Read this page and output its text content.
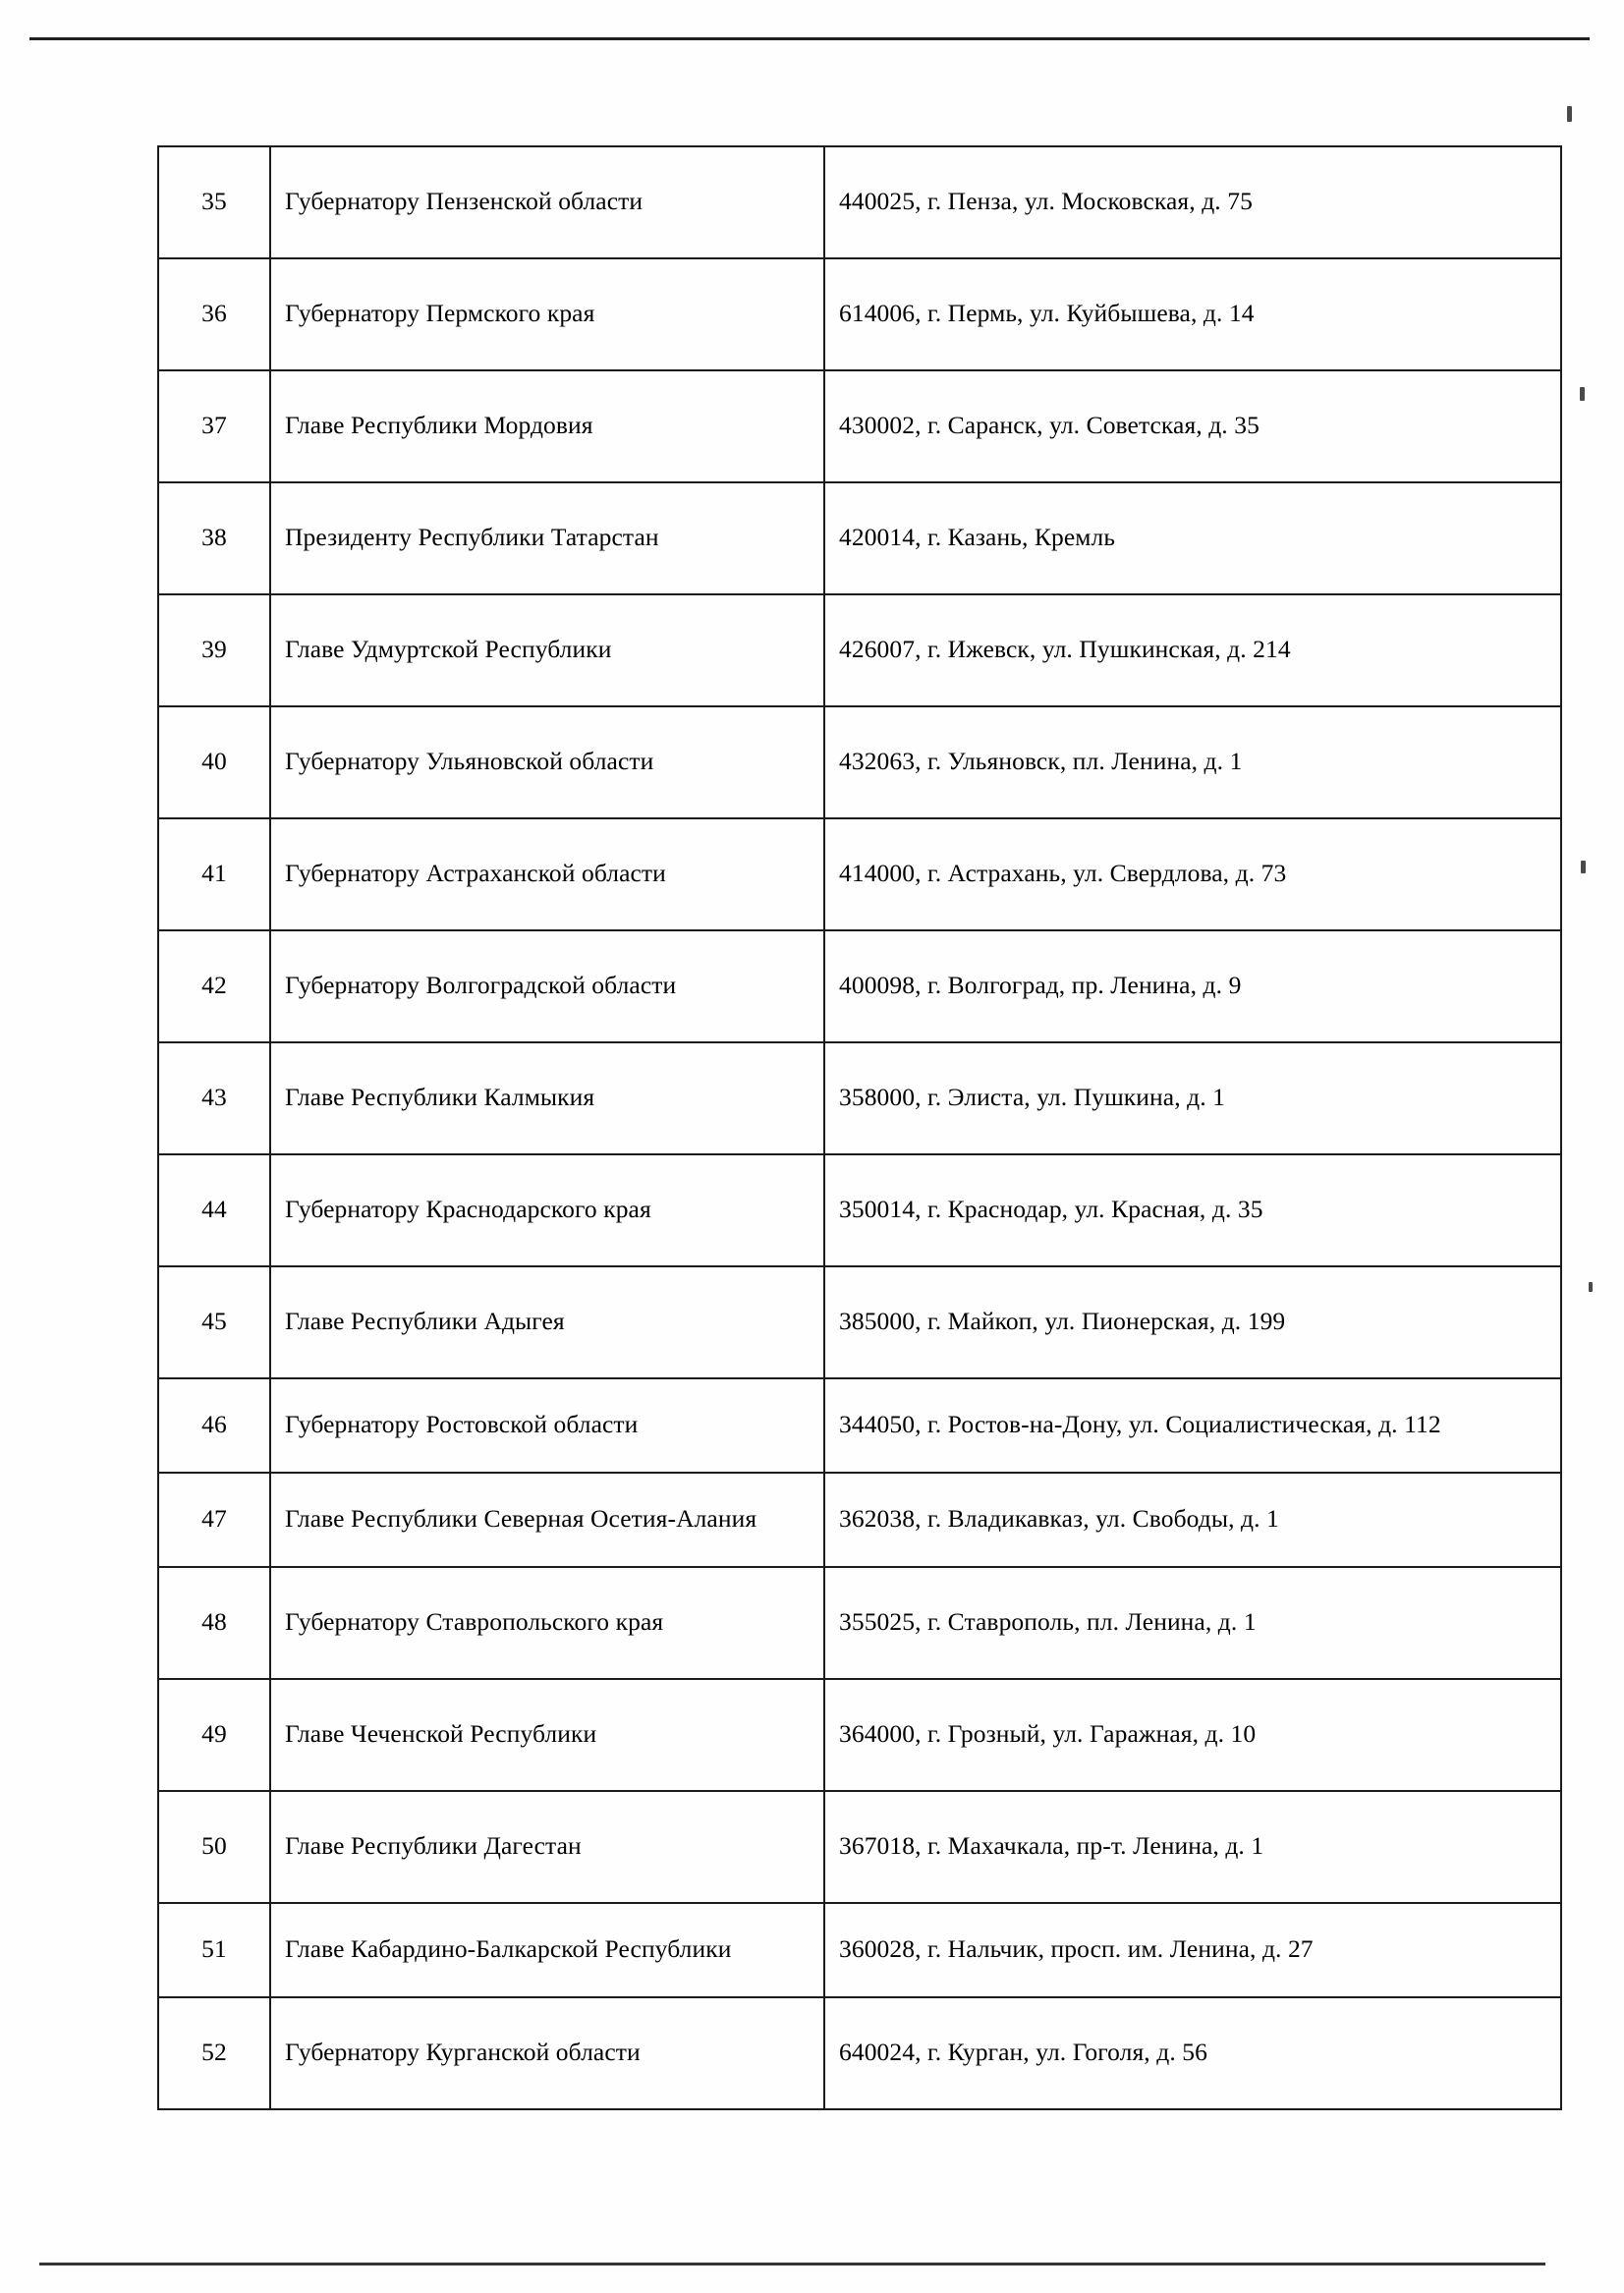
35	Губернатору Пензенской области	440025, г. Пенза, ул. Московская, д. 75

36	Губернатору Пермского края	614006, г. Пермь, ул. Куйбышева, д. 14

37	Главе Республики Мордовия	430002, г. Саранск, ул. Советская, д. 35

38	Президенту Республики Татарстан	420014, г. Казань, Кремль

39	Главе Удмуртской Республики	426007, г. Ижевск, ул. Пушкинская, д. 214

40	Губернатору Ульяновской области	432063, г. Ульяновск, пл. Ленина, д. 1

41	Губернатору Астраханской области	414000, г. Астрахань, ул. Свердлова, д. 73

42	Губернатору Волгоградской области	400098, г. Волгоград, пр. Ленина, д. 9

43	Главе Республики Калмыкия	358000, г. Элиста, ул. Пушкина, д. 1

44	Губернатору Краснодарского края	350014, г. Краснодар, ул. Красная, д. 35

45	Главе Республики Адыгея	385000, г. Майкоп, ул. Пионерская, д. 199

46	Губернатору Ростовской области	344050, г. Ростов-на-Дону, ул. Социалистическая, д. 112

47	Главе Республики Северная Осетия-Алания	362038, г. Владикавказ, ул. Свободы, д. 1

48	Губернатору Ставропольского края	355025, г. Ставрополь, пл. Ленина, д. 1

49	Главе Чеченской Республики	364000, г. Грозный, ул. Гаражная, д. 10

50	Главе Республики Дагестан	367018, г. Махачкала, пр-т. Ленина, д. 1

51	Главе Кабардино-Балкарской Республики	360028, г. Нальчик, просп. им. Ленина, д. 27

52	Губернатору Курганской области	640024, г. Курган, ул. Гоголя, д. 56
